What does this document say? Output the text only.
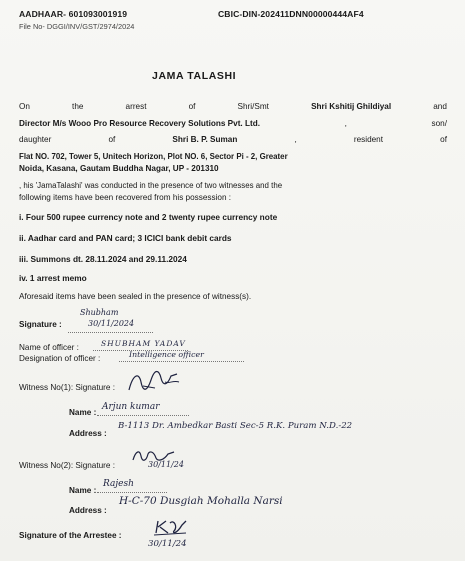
AADHAAR- 601093001919	CBIC-DIN-202411DNN00000444AF4
File No- DGGI/INV/GST/2974/2024
JAMA TALASHI
On	the	arrest	of	Shri/Smt	Shri Kshitij Ghildiyal	and
Director M/s Wooo Pro Resource Recovery Solutions Pvt. Ltd.	,	son/
daughter	of	Shri B. P. Suman	,	resident	of
Flat NO. 702, Tower 5, Unitech Horizon, Plot NO. 6, Sector Pi - 2, Greater
Noida, Kasana, Gautam Buddha Nagar, UP - 201310
, his 'JamaTalashi' was conducted in the presence of two witnesses and the
following items have been recovered from his possession :
i. Four 500 rupee currency note and 2 twenty rupee currency note
ii. Aadhar card and PAN card; 3 ICICI bank debit cards
iii. Summons dt. 28.11.2024 and 29.11.2024
iv. 1 arrest memo
Aforesaid items have been sealed in the presence of witness(s).
Signature :
Shubham
30/11/2024
Name of officer :	SHUBHAM YADAV
Designation of officer :	Intelligence officer
Witness No(1): Signature :
Name :
Arjun kumar
Address :
B-1113 Dr. Ambedkar Basti Sec-5 R.K. Puram N.D.-22
Witness No(2): Signature :	30/11/24
Name :
Rajesh
Address :
H-C-70 Dusgiah Mohalla Narsi
Signature of the Arrestee :
30/11/24
